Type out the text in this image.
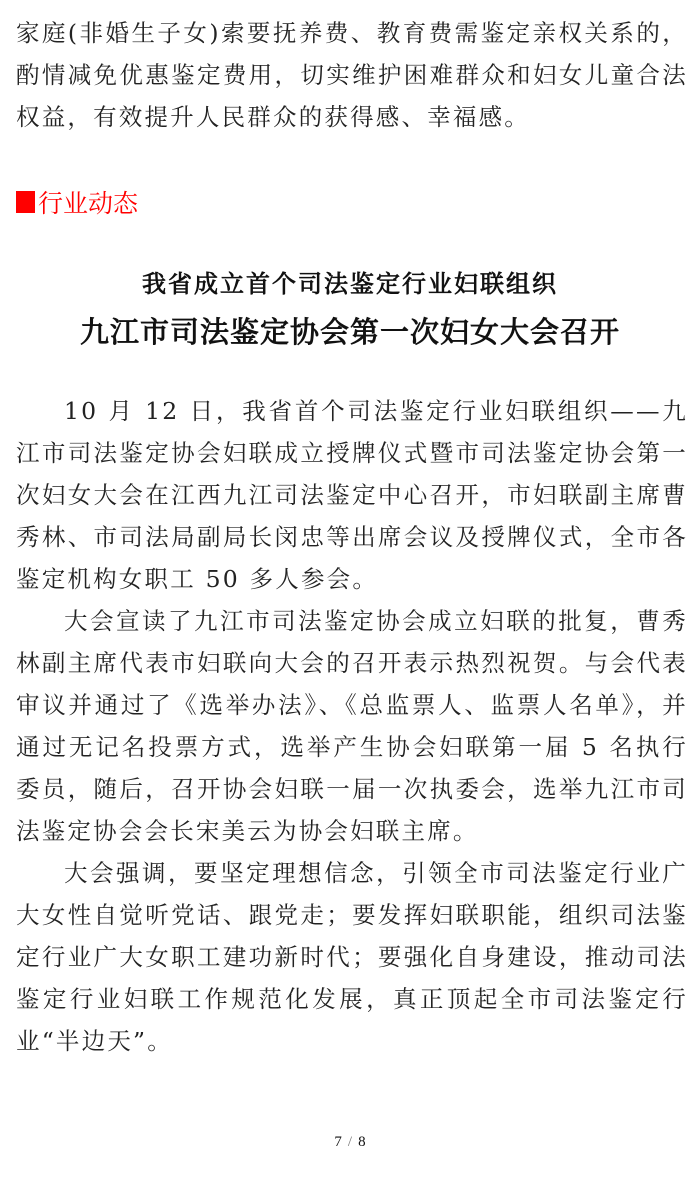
家庭(非婚生子女)索要抚养费、教育费需鉴定亲权关系的，酌情减免优惠鉴定费用，切实维护困难群众和妇女儿童合法权益，有效提升人民群众的获得感、幸福感。

行业动态
我省成立首个司法鉴定行业妇联组织
九江市司法鉴定协会第一次妇女大会召开

10 月 12 日，我省首个司法鉴定行业妇联组织——九江市司法鉴定协会妇联成立授牌仪式暨市司法鉴定协会第一次妇女大会在江西九江司法鉴定中心召开，市妇联副主席曹秀林、市司法局副局长闵忠等出席会议及授牌仪式，全市各鉴定机构女职工 50 多人参会。

大会宣读了九江市司法鉴定协会成立妇联的批复，曹秀林副主席代表市妇联向大会的召开表示热烈祝贺。与会代表审议并通过了《选举办法》、《总监票人、监票人名单》，并通过无记名投票方式，选举产生协会妇联第一届 5 名执行委员，随后，召开协会妇联一届一次执委会，选举九江市司法鉴定协会会长宋美云为协会妇联主席。

大会强调，要坚定理想信念，引领全市司法鉴定行业广大女性自觉听党话、跟党走；要发挥妇联职能，组织司法鉴定行业广大女职工建功新时代；要强化自身建设，推动司法鉴定行业妇联工作规范化发展，真正顶起全市司法鉴定行业“半边天”。

7 / 8
